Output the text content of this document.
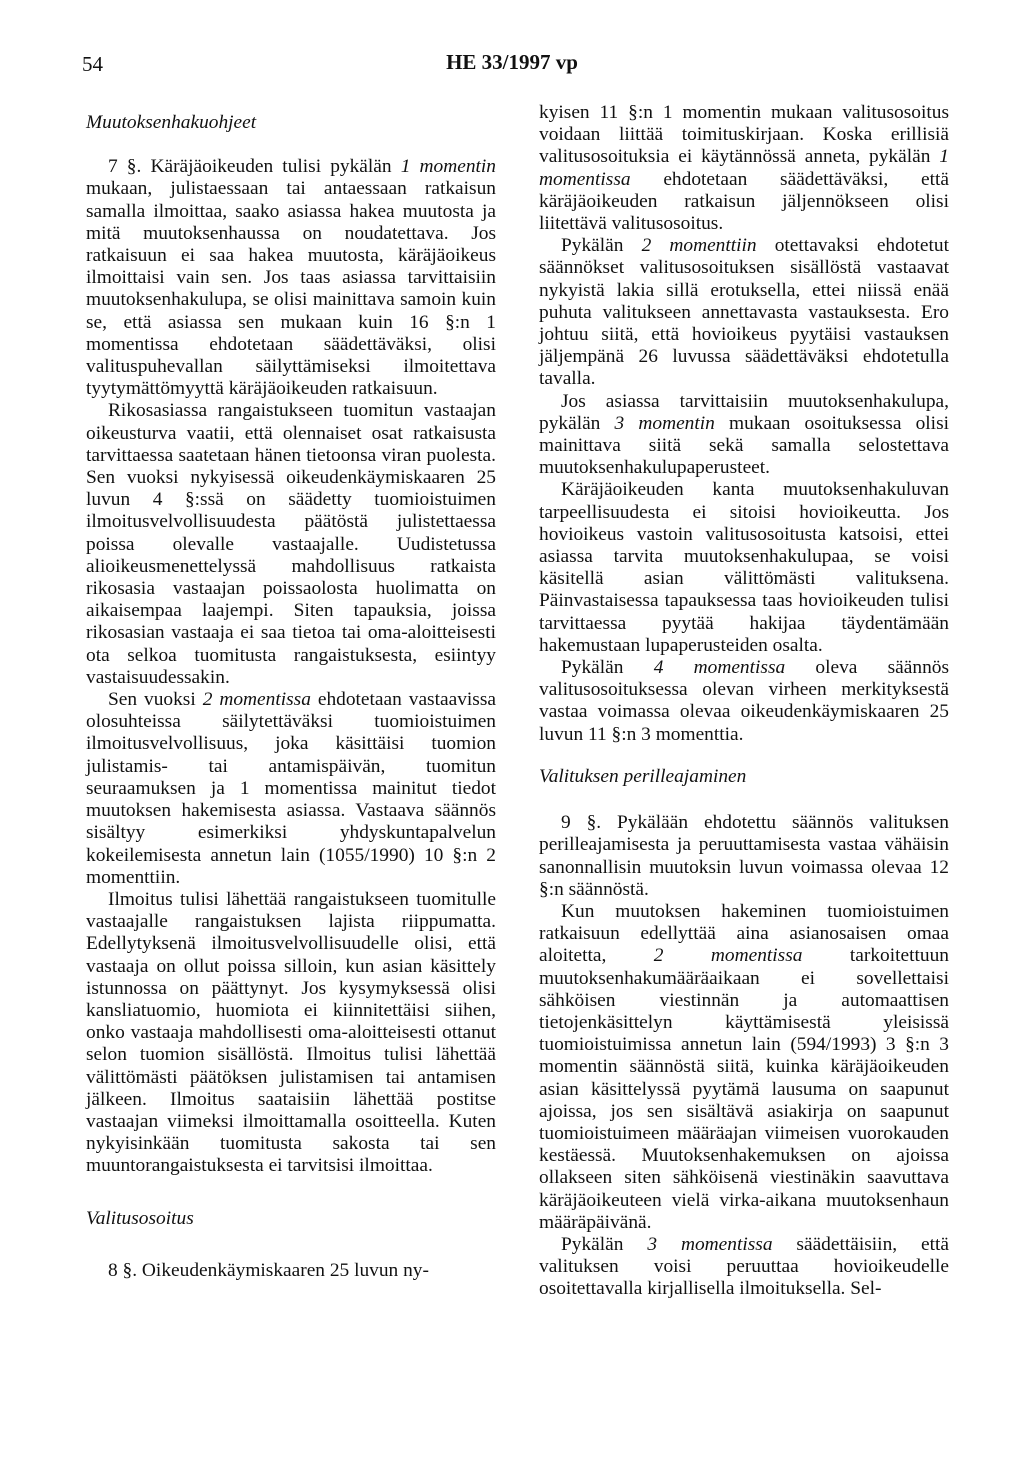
54	HE 33/1997 vp
Muutoksenhakuohjeet

7 §. Käräjäoikeuden tulisi pykälän 1 momentin mukaan, julistaessaan tai antaessaan ratkaisun samalla ilmoittaa, saako asiassa hakea muutosta ja mitä muutoksenhaussa on noudatettava. Jos ratkaisuun ei saa hakea muutosta, käräjäoikeus ilmoittaisi vain sen. Jos taas asiassa tarvittaisiin muutoksenhakulupa, se olisi mainittava samoin kuin se, että asiassa sen mukaan kuin 16 §:n 1 momentissa ehdotetaan säädettäväksi, olisi valituspuhevallan säilyttämiseksi ilmoitettava tyytymättömyyttä käräjäoikeuden ratkaisuun.

Rikosasiassa rangaistukseen tuomitun vastaajan oikeusturva vaatii, että olennaiset osat ratkaisusta tarvittaessa saatetaan hänen tietoonsa viran puolesta. Sen vuoksi nykyisessä oikeudenkäymiskaaren 25 luvun 4 §:ssä on säädetty tuomioistuimen ilmoitusvelvollisuudesta päätöstä julistettaessa poissa olevalle vastaajalle. Uudistetussa alioikeusmenettelyssä mahdollisuus ratkaista rikosasia vastaajan poissaolosta huolimatta on aikaisempaa laajempi. Siten tapauksia, joissa rikosasian vastaaja ei saa tietoa tai oma-aloitteisesti ota selkoa tuomitusta rangaistuksesta, esiintyy vastaisuudessakin.

Sen vuoksi 2 momentissa ehdotetaan vastaavissa olosuhteissa säilytettäväksi tuomioistuimen ilmoitusvelvollisuus, joka käsittäisi tuomion julistamis- tai antamispäivän, tuomitun seuraamuksen ja 1 momentissa mainitut tiedot muutoksen hakemisesta asiassa. Vastaava säännös sisältyy esimerkiksi yhdyskuntapalvelun kokeilemisesta annetun lain (1055/1990) 10 §:n 2 momenttiin.

Ilmoitus tulisi lähettää rangaistukseen tuomitulle vastaajalle rangaistuksen lajista riippumatta. Edellytyksenä ilmoitusvelvollisuudelle olisi, että vastaaja on ollut poissa silloin, kun asian käsittely istunnossa on päättynyt. Jos kysymyksessä olisi kansliatuomio, huomiota ei kiinnitettäisi siihen, onko vastaaja mahdollisesti oma-aloitteisesti ottanut selon tuomion sisällöstä. Ilmoitus tulisi lähettää välittömästi päätöksen julistamisen tai antamisen jälkeen. Ilmoitus saataisiin lähettää postitse vastaajan viimeksi ilmoittamalla osoitteella. Kuten nykyisinkään tuomitusta sakosta tai sen muuntorangaistuksesta ei tarvitsisi ilmoittaa.

Valitusosoitus

8 §. Oikeudenkäymiskaaren 25 luvun ny-

kyisen 11 §:n 1 momentin mukaan valitusosoitus voidaan liittää toimituskirjaan. Koska erillisiä valitusosoituksia ei käytännössä anneta, pykälän 1 momentissa ehdotetaan säädettäväksi, että käräjäoikeuden ratkaisun jäljennökseen olisi liitettävä valitusosoitus.

Pykälän 2 momenttiin otettavaksi ehdotetut säännökset valitusosoituksen sisällöstä vastaavat nykyistä lakia sillä erotuksella, ettei niissä enää puhuta valitukseen annettavasta vastauksesta. Ero johtuu siitä, että hovioikeus pyytäisi vastauksen jäljempänä 26 luvussa säädettäväksi ehdotetulla tavalla.

Jos asiassa tarvittaisiin muutoksenhakulupa, pykälän 3 momentin mukaan osoituksessa olisi mainittava siitä sekä samalla selostettava muutoksenhakulupaperusteet.

Käräjäoikeuden kanta muutoksenhakuluvan tarpeellisuudesta ei sitoisi hovioikeutta. Jos hovioikeus vastoin valitusosoitusta katsoisi, ettei asiassa tarvita muutoksenhakulupaa, se voisi käsitellä asian välittömästi valituksena. Päinvastaisessa tapauksessa taas hovioikeuden tulisi tarvittaessa pyytää hakijaa täydentämään hakemustaan lupaperusteiden osalta.

Pykälän 4 momentissa oleva säännös valitusosoituksessa olevan virheen merkityksestä vastaa voimassa olevaa oikeudenkäymiskaaren 25 luvun 11 §:n 3 momenttia.

Valituksen perilleajaminen

9 §. Pykälään ehdotettu säännös valituksen perilleajamisesta ja peruuttamisesta vastaa vähäisin sanonnallisin muutoksin luvun voimassa olevaa 12 §:n säännöstä.

Kun muutoksen hakeminen tuomioistuimen ratkaisuun edellyttää aina asianosaisen omaa aloitetta, 2 momentissa tarkoitettuun muutoksenhakumääräaikaan ei sovellettaisi sähköisen viestinnän ja automaattisen tietojenkäsittelyn käyttämisestä yleisissä tuomioistuimissa annetun lain (594/1993) 3 §:n 3 momentin säännöstä siitä, kuinka käräjäoikeuden asian käsittelyssä pyytämä lausuma on saapunut ajoissa, jos sen sisältävä asiakirja on saapunut tuomioistuimeen määräajan viimeisen vuorokauden kestäessä. Muutoksenhakemuksen on ajoissa ollakseen siten sähköisenä viestinäkin saavuttava käräjäoikeuteen vielä virka-aikana muutoksenhaun määräpäivänä.

Pykälän 3 momentissa säädettäisiin, että valituksen voisi peruuttaa hovioikeudelle osoitettavalla kirjallisella ilmoituksella. Sel-
